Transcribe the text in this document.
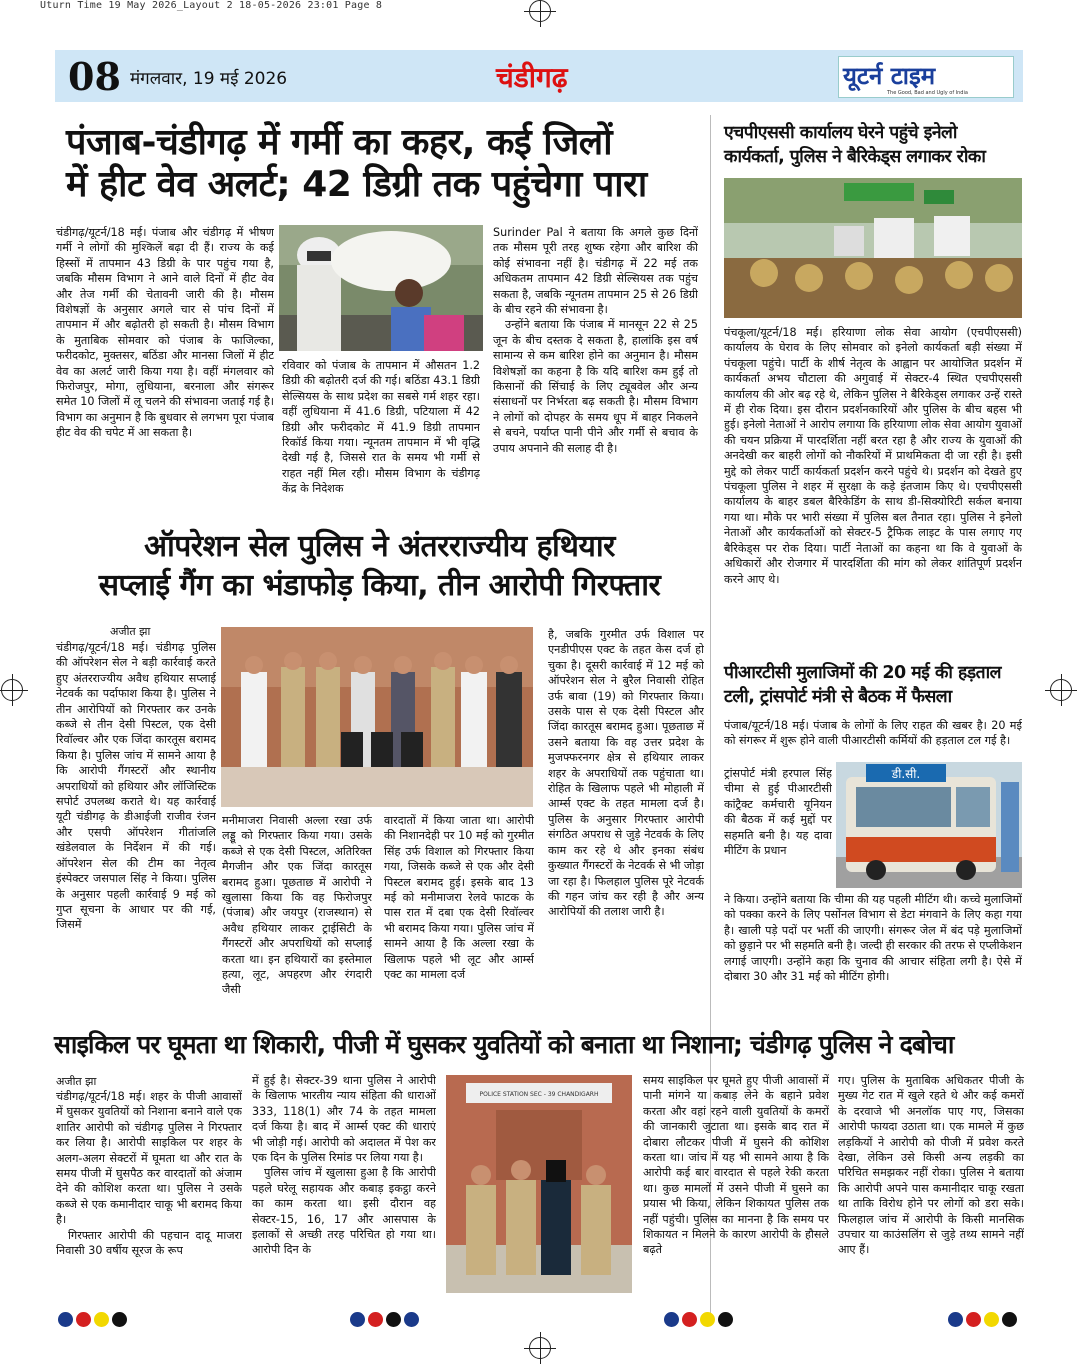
Uturn Time 19 May 2026_Layout 2 18-05-2026 23:01 Page 8
08 मंगलवार, 19 मई 2026	चंडीगढ़	यूटर्न टाइम
The Good, Bad and Ugly of India
पंजाब-चंडीगढ़ में गर्मी का कहर, कई जिलों
में हीट वेव अलर्ट; 42 डिग्री तक पहुंचेगा पारा

चंडीगढ़/यूटर्न/18 मई। पंजाब और चंडीगढ़ में भीषण गर्मी ने लोगों की मुश्किलें बढ़ा दी हैं। राज्य के कई हिस्सों में तापमान 43 डिग्री के पार पहुंच गया है, जबकि मौसम विभाग ने आने वाले दिनों में हीट वेव और तेज गर्मी की चेतावनी जारी की है। मौसम विशेषज्ञों के अनुसार अगले चार से पांच दिनों में तापमान में और बढ़ोतरी हो सकती है। मौसम विभाग के मुताबिक सोमवार को पंजाब के फाजिल्का, फरीदकोट, मुक्तसर, बठिंडा और मानसा जिलों में हीट वेव का अलर्ट जारी किया गया है। वहीं मंगलवार को फिरोजपुर, मोगा, लुधियाना, बरनाला और संगरूर समेत 10 जिलों में लू चलने की संभावना जताई गई है। विभाग का अनुमान है कि बुधवार से लगभग पूरा पंजाब हीट वेव की चपेट में आ सकता है।

रविवार को पंजाब के तापमान में औसतन 1.2 डिग्री की बढ़ोतरी दर्ज की गई। बठिंडा 43.1 डिग्री सेल्सियस के साथ प्रदेश का सबसे गर्म शहर रहा। वहीं लुधियाना में 41.6 डिग्री, पटियाला में 42 डिग्री और फरीदकोट में 41.9 डिग्री तापमान रिकॉर्ड किया गया। न्यूनतम तापमान में भी वृद्धि देखी गई है, जिससे रात के समय भी गर्मी से राहत नहीं मिल रही। मौसम विभाग के चंडीगढ़ केंद्र के निदेशक

Surinder Pal ने बताया कि अगले कुछ दिनों तक मौसम पूरी तरह शुष्क रहेगा और बारिश की कोई संभावना नहीं है। चंडीगढ़ में 22 मई तक अधिकतम तापमान 42 डिग्री सेल्सियस तक पहुंच सकता है, जबकि न्यूनतम तापमान 25 से 26 डिग्री के बीच रहने की संभावना है।

उन्होंने बताया कि पंजाब में मानसून 22 से 25 जून के बीच दस्तक दे सकता है, हालांकि इस वर्ष सामान्य से कम बारिश होने का अनुमान है। मौसम विशेषज्ञों का कहना है कि यदि बारिश कम हुई तो किसानों की सिंचाई के लिए ट्यूबवेल और अन्य संसाधनों पर निर्भरता बढ़ सकती है। मौसम विभाग ने लोगों को दोपहर के समय धूप में बाहर निकलने से बचने, पर्याप्त पानी पीने और गर्मी से बचाव के उपाय अपनाने की सलाह दी है।

एचपीएससी कार्यालय घेरने पहुंचे इनेलो
कार्यकर्ता, पुलिस ने बैरिकेड्स लगाकर रोका

पंचकूला/यूटर्न/18 मई। हरियाणा लोक सेवा आयोग (एचपीएससी) कार्यालय के घेराव के लिए सोमवार को इनेलो कार्यकर्ता बड़ी संख्या में पंचकूला पहुंचे। पार्टी के शीर्ष नेतृत्व के आह्वान पर आयोजित प्रदर्शन में कार्यकर्ता अभय चौटाला की अगुवाई में सेक्टर-4 स्थित एचपीएससी कार्यालय की ओर बढ़ रहे थे, लेकिन पुलिस ने बैरिकेड्स लगाकर उन्हें रास्ते में ही रोक दिया। इस दौरान प्रदर्शनकारियों और पुलिस के बीच बहस भी हुई। इनेलो नेताओं ने आरोप लगाया कि हरियाणा लोक सेवा आयोग युवाओं की चयन प्रक्रिया में पारदर्शिता नहीं बरत रहा है और राज्य के युवाओं की अनदेखी कर बाहरी लोगों को नौकरियों में प्राथमिकता दी जा रही है। इसी मुद्दे को लेकर पार्टी कार्यकर्ता प्रदर्शन करने पहुंचे थे। प्रदर्शन को देखते हुए पंचकूला पुलिस ने शहर में सुरक्षा के कड़े इंतजाम किए थे। एचपीएससी कार्यालय के बाहर डबल बैरिकेडिंग के साथ डी-सिक्योरिटी सर्कल बनाया गया था। मौके पर भारी संख्या में पुलिस बल तैनात रहा। पुलिस ने इनेलो नेताओं और कार्यकर्ताओं को सेक्टर-5 ट्रैफिक लाइट के पास लगाए गए बैरिकेड्स पर रोक दिया। पार्टी नेताओं का कहना था कि वे युवाओं के अधिकारों और रोजगार में पारदर्शिता की मांग को लेकर शांतिपूर्ण प्रदर्शन करने आए थे।

ऑपरेशन सेल पुलिस ने अंतरराज्यीय हथियार
सप्लाई गैंग का भंडाफोड़ किया, तीन आरोपी गिरफ्तार
अजीत झा

चंडीगढ़/यूटर्न/18 मई। चंडीगढ़ पुलिस की ऑपरेशन सेल ने बड़ी कार्रवाई करते हुए अंतरराज्यीय अवैध हथियार सप्लाई नेटवर्क का पर्दाफाश किया है। पुलिस ने तीन आरोपियों को गिरफ्तार कर उनके कब्जे से तीन देसी पिस्टल, एक देसी रिवॉल्वर और एक जिंदा कारतूस बरामद किया है। पुलिस जांच में सामने आया है कि आरोपी गैंगस्टरों और स्थानीय अपराधियों को हथियार और लॉजिस्टिक सपोर्ट उपलब्ध कराते थे। यह कार्रवाई यूटी चंडीगढ़ के डीआईजी राजीव रंजन और एसपी ऑपरेशन गीतांजलि खंडेलवाल के निर्देशन में की गई। ऑपरेशन सेल की टीम का नेतृत्व इंस्पेक्टर जसपाल सिंह ने किया। पुलिस के अनुसार पहली कार्रवाई 9 मई को गुप्त सूचना के आधार पर की गई, जिसमें

मनीमाजरा निवासी अल्ला रखा उर्फ लड्डू को गिरफ्तार किया गया। उसके कब्जे से एक देसी पिस्टल, अतिरिक्त मैगजीन और एक जिंदा कारतूस बरामद हुआ। पूछताछ में आरोपी ने खुलासा किया कि वह फिरोजपुर (पंजाब) और जयपुर (राजस्थान) से अवैध हथियार लाकर ट्राईसिटी के गैंगस्टरों और अपराधियों को सप्लाई करता था। इन हथियारों का इस्तेमाल हत्या, लूट, अपहरण और रंगदारी जैसी

वारदातों में किया जाता था। आरोपी की निशानदेही पर 10 मई को गुरमीत सिंह उर्फ विशाल को गिरफ्तार किया गया, जिसके कब्जे से एक और देसी पिस्टल बरामद हुई। इसके बाद 13 मई को मनीमाजरा रेलवे फाटक के पास रात में दबा एक देसी रिवॉल्वर भी बरामद किया गया। पुलिस जांच में सामने आया है कि अल्ला रखा के खिलाफ पहले भी लूट और आर्म्स एक्ट का मामला दर्ज

है, जबकि गुरमीत उर्फ विशाल पर एनडीपीएस एक्ट के तहत केस दर्ज हो चुका है। दूसरी कार्रवाई में 12 मई को ऑपरेशन सेल ने बुरैल निवासी रोहित उर्फ बावा (19) को गिरफ्तार किया। उसके पास से एक देसी पिस्टल और जिंदा कारतूस बरामद हुआ। पूछताछ में उसने बताया कि वह उत्तर प्रदेश के मुजफ्फरनगर क्षेत्र से हथियार लाकर शहर के अपराधियों तक पहुंचाता था। रोहित के खिलाफ पहले भी मोहाली में आर्म्स एक्ट के तहत मामला दर्ज है। पुलिस के अनुसार गिरफ्तार आरोपी संगठित अपराध से जुड़े नेटवर्क के लिए काम कर रहे थे और इनका संबंध कुख्यात गैंगस्टरों के नेटवर्क से भी जोड़ा जा रहा है। फिलहाल पुलिस पूरे नेटवर्क की गहन जांच कर रही है और अन्य आरोपियों की तलाश जारी है।

पीआरटीसी मुलाजिमों की 20 मई की हड़ताल
टली, ट्रांसपोर्ट मंत्री से बैठक में फैसला

पंजाब/यूटर्न/18 मई। पंजाब के लोगों के लिए राहत की खबर है। 20 मई को संगरूर में शुरू होने वाली पीआरटीसी कर्मियों की हड़ताल टल गई है।

ट्रांसपोर्ट मंत्री हरपाल सिंह चीमा से हुई पीआरटीसी कांट्रैक्ट कर्मचारी यूनियन की बैठक में कई मुद्दों पर सहमति बनी है। यह दावा मीटिंग के प्रधान

डी.सी.

ने किया। उन्होंने बताया कि चीमा की यह पहली मीटिंग थी। कच्चे मुलाजिमों को पक्का करने के लिए पर्सोनल विभाग से डेटा मंगवाने के लिए कहा गया है। खाली पड़े पदों पर भर्ती की जाएगी। संगरूर जेल में बंद पड़े मुलाजिमों को छुड़ाने पर भी सहमति बनी है। जल्दी ही सरकार की तरफ से एप्लीकेशन लगाई जाएगी। उन्होंने कहा कि चुनाव की आचार संहिता लगी है। ऐसे में दोबारा 30 और 31 मई को मीटिंग होगी।

साइकिल पर घूमता था शिकारी, पीजी में घुसकर युवतियों को बनाता था निशाना; चंडीगढ़ पुलिस ने दबोचा
अजीत झा

चंडीगढ़/यूटर्न/18 मई। शहर के पीजी आवासों में घुसकर युवतियों को निशाना बनाने वाले एक शातिर आरोपी को चंडीगढ़ पुलिस ने गिरफ्तार कर लिया है। आरोपी साइकिल पर शहर के अलग-अलग सेक्टरों में घूमता था और रात के समय पीजी में घुसपैठ कर वारदातों को अंजाम देने की कोशिश करता था। पुलिस ने उसके कब्जे से एक कमानीदार चाकू भी बरामद किया है।

गिरफ्तार आरोपी की पहचान दादू माजरा निवासी 30 वर्षीय सूरज के रूप

में हुई है। सेक्टर-39 थाना पुलिस ने आरोपी के खिलाफ भारतीय न्याय संहिता की धाराओं 333, 118(1) और 74 के तहत मामला दर्ज किया है। बाद में आर्म्स एक्ट की धाराएं भी जोड़ी गई। आरोपी को अदालत में पेश कर एक दिन के पुलिस रिमांड पर लिया गया है।

पुलिस जांच में खुलासा हुआ है कि आरोपी पहले घरेलू सहायक और कबाड़ इकट्ठा करने का काम करता था। इसी दौरान वह सेक्टर-15, 16, 17 और आसपास के इलाकों से अच्छी तरह परिचित हो गया था। आरोपी दिन के

POLICE STATION SEC - 39 CHANDIGARH

समय साइकिल पर घूमते हुए पीजी आवासों में पानी मांगने या कबाड़ लेने के बहाने प्रवेश करता और वहां रहने वाली युवतियों के कमरों की जानकारी जुटाता था। इसके बाद रात में दोबारा लौटकर पीजी में घुसने की कोशिश करता था। जांच में यह भी सामने आया है कि आरोपी कई बार वारदात से पहले रेकी करता था। कुछ मामलों में उसने पीजी में घुसने का प्रयास भी किया, लेकिन शिकायत पुलिस तक नहीं पहुंची। पुलिस का मानना है कि समय पर शिकायत न मिलने के कारण आरोपी के हौसले बढ़ते

गए। पुलिस के मुताबिक अधिकतर पीजी के मुख्य गेट रात में खुले रहते थे और कई कमरों के दरवाजे भी अनलॉक पाए गए, जिसका आरोपी फायदा उठाता था। एक मामले में कुछ लड़कियों ने आरोपी को पीजी में प्रवेश करते देखा, लेकिन उसे किसी अन्य लड़की का परिचित समझकर नहीं रोका। पुलिस ने बताया कि आरोपी अपने पास कमानीदार चाकू रखता था ताकि विरोध होने पर लोगों को डरा सके। फिलहाल जांच में आरोपी के किसी मानसिक उपचार या काउंसलिंग से जुड़े तथ्य सामने नहीं आए हैं।
